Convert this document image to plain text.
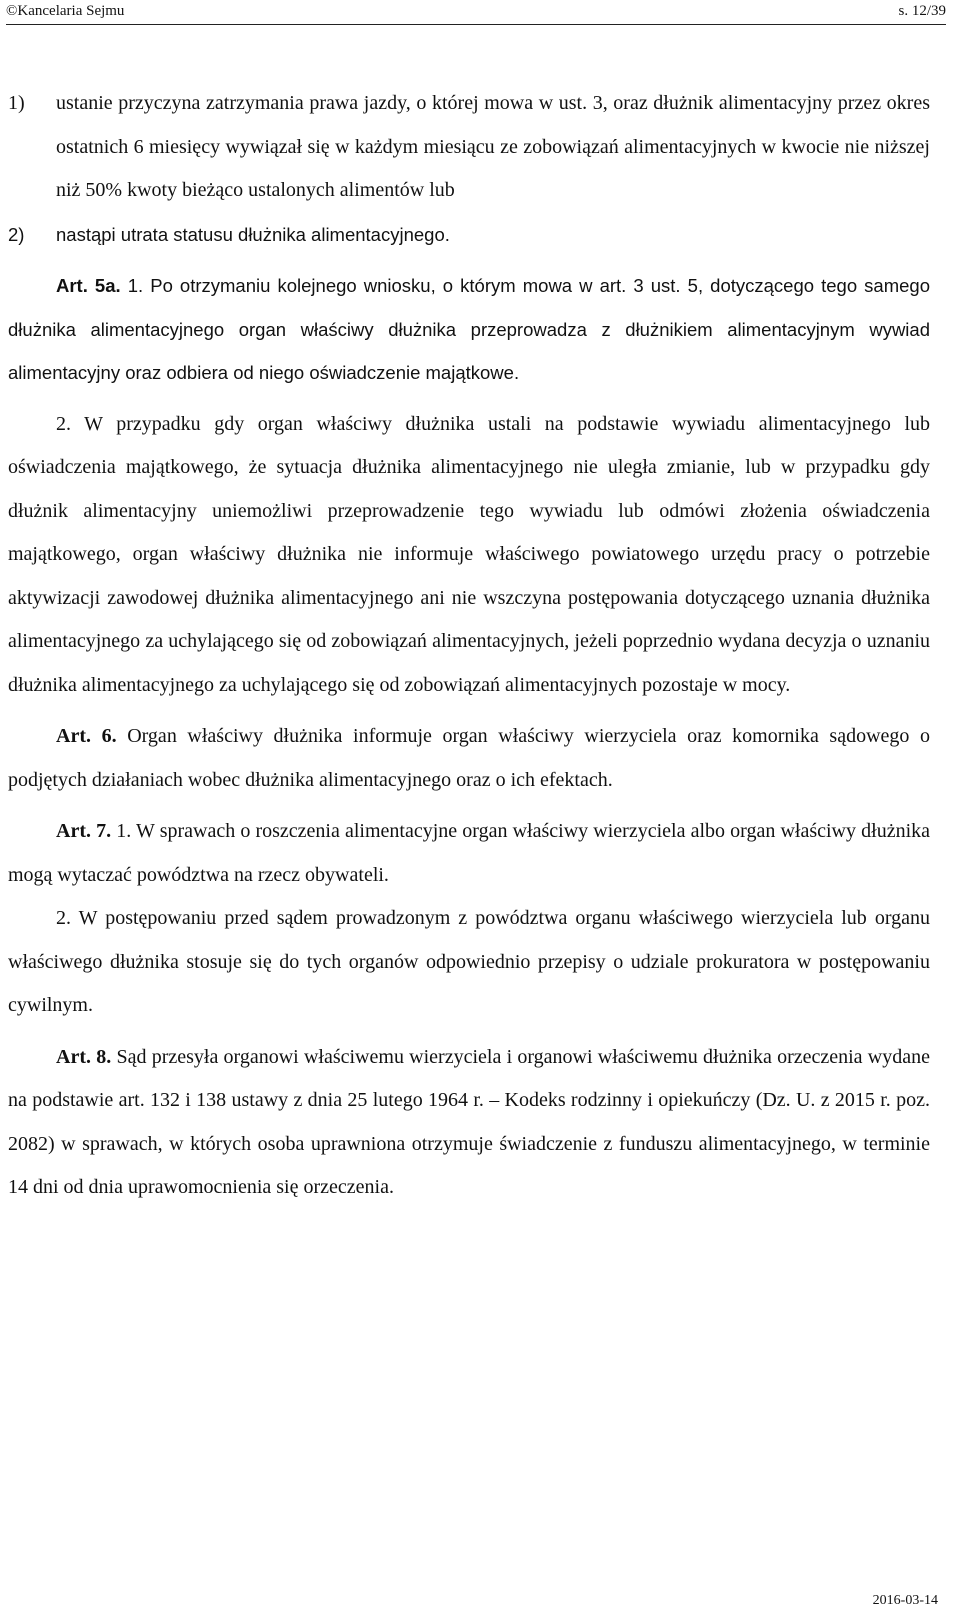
©Kancelaria Sejmu	s. 12/39

1) ustanie przyczyna zatrzymania prawa jazdy, o której mowa w ust. 3, oraz dłużnik alimentacyjny przez okres ostatnich 6 miesięcy wywiązał się w każdym miesiącu ze zobowiązań alimentacyjnych w kwocie nie niższej niż 50% kwoty bieżąco ustalonych alimentów lub

2) nastąpi utrata statusu dłużnika alimentacyjnego.

Art. 5a. 1. Po otrzymaniu kolejnego wniosku, o którym mowa w art. 3 ust. 5, dotyczącego tego samego dłużnika alimentacyjnego organ właściwy dłużnika przeprowadza z dłużnikiem alimentacyjnym wywiad alimentacyjny oraz odbiera od niego oświadczenie majątkowe.

2. W przypadku gdy organ właściwy dłużnika ustali na podstawie wywiadu alimentacyjnego lub oświadczenia majątkowego, że sytuacja dłużnika alimentacyjnego nie uległa zmianie, lub w przypadku gdy dłużnik alimentacyjny uniemożliwi przeprowadzenie tego wywiadu lub odmówi złożenia oświadczenia majątkowego, organ właściwy dłużnika nie informuje właściwego powiatowego urzędu pracy o potrzebie aktywizacji zawodowej dłużnika alimentacyjnego ani nie wszczyna postępowania dotyczącego uznania dłużnika alimentacyjnego za uchylającego się od zobowiązań alimentacyjnych, jeżeli poprzednio wydana decyzja o uznaniu dłużnika alimentacyjnego za uchylającego się od zobowiązań alimentacyjnych pozostaje w mocy.

Art. 6. Organ właściwy dłużnika informuje organ właściwy wierzyciela oraz komornika sądowego o podjętych działaniach wobec dłużnika alimentacyjnego oraz o ich efektach.

Art. 7. 1. W sprawach o roszczenia alimentacyjne organ właściwy wierzyciela albo organ właściwy dłużnika mogą wytaczać powództwa na rzecz obywateli.

2. W postępowaniu przed sądem prowadzonym z powództwa organu właściwego wierzyciela lub organu właściwego dłużnika stosuje się do tych organów odpowiednio przepisy o udziale prokuratora w postępowaniu cywilnym.

Art. 8. Sąd przesyła organowi właściwemu wierzyciela i organowi właściwemu dłużnika orzeczenia wydane na podstawie art. 132 i 138 ustawy z dnia 25 lutego 1964 r. – Kodeks rodzinny i opiekuńczy (Dz. U. z 2015 r. poz. 2082) w sprawach, w których osoba uprawniona otrzymuje świadczenie z funduszu alimentacyjnego, w terminie 14 dni od dnia uprawomocnienia się orzeczenia.

2016-03-14
